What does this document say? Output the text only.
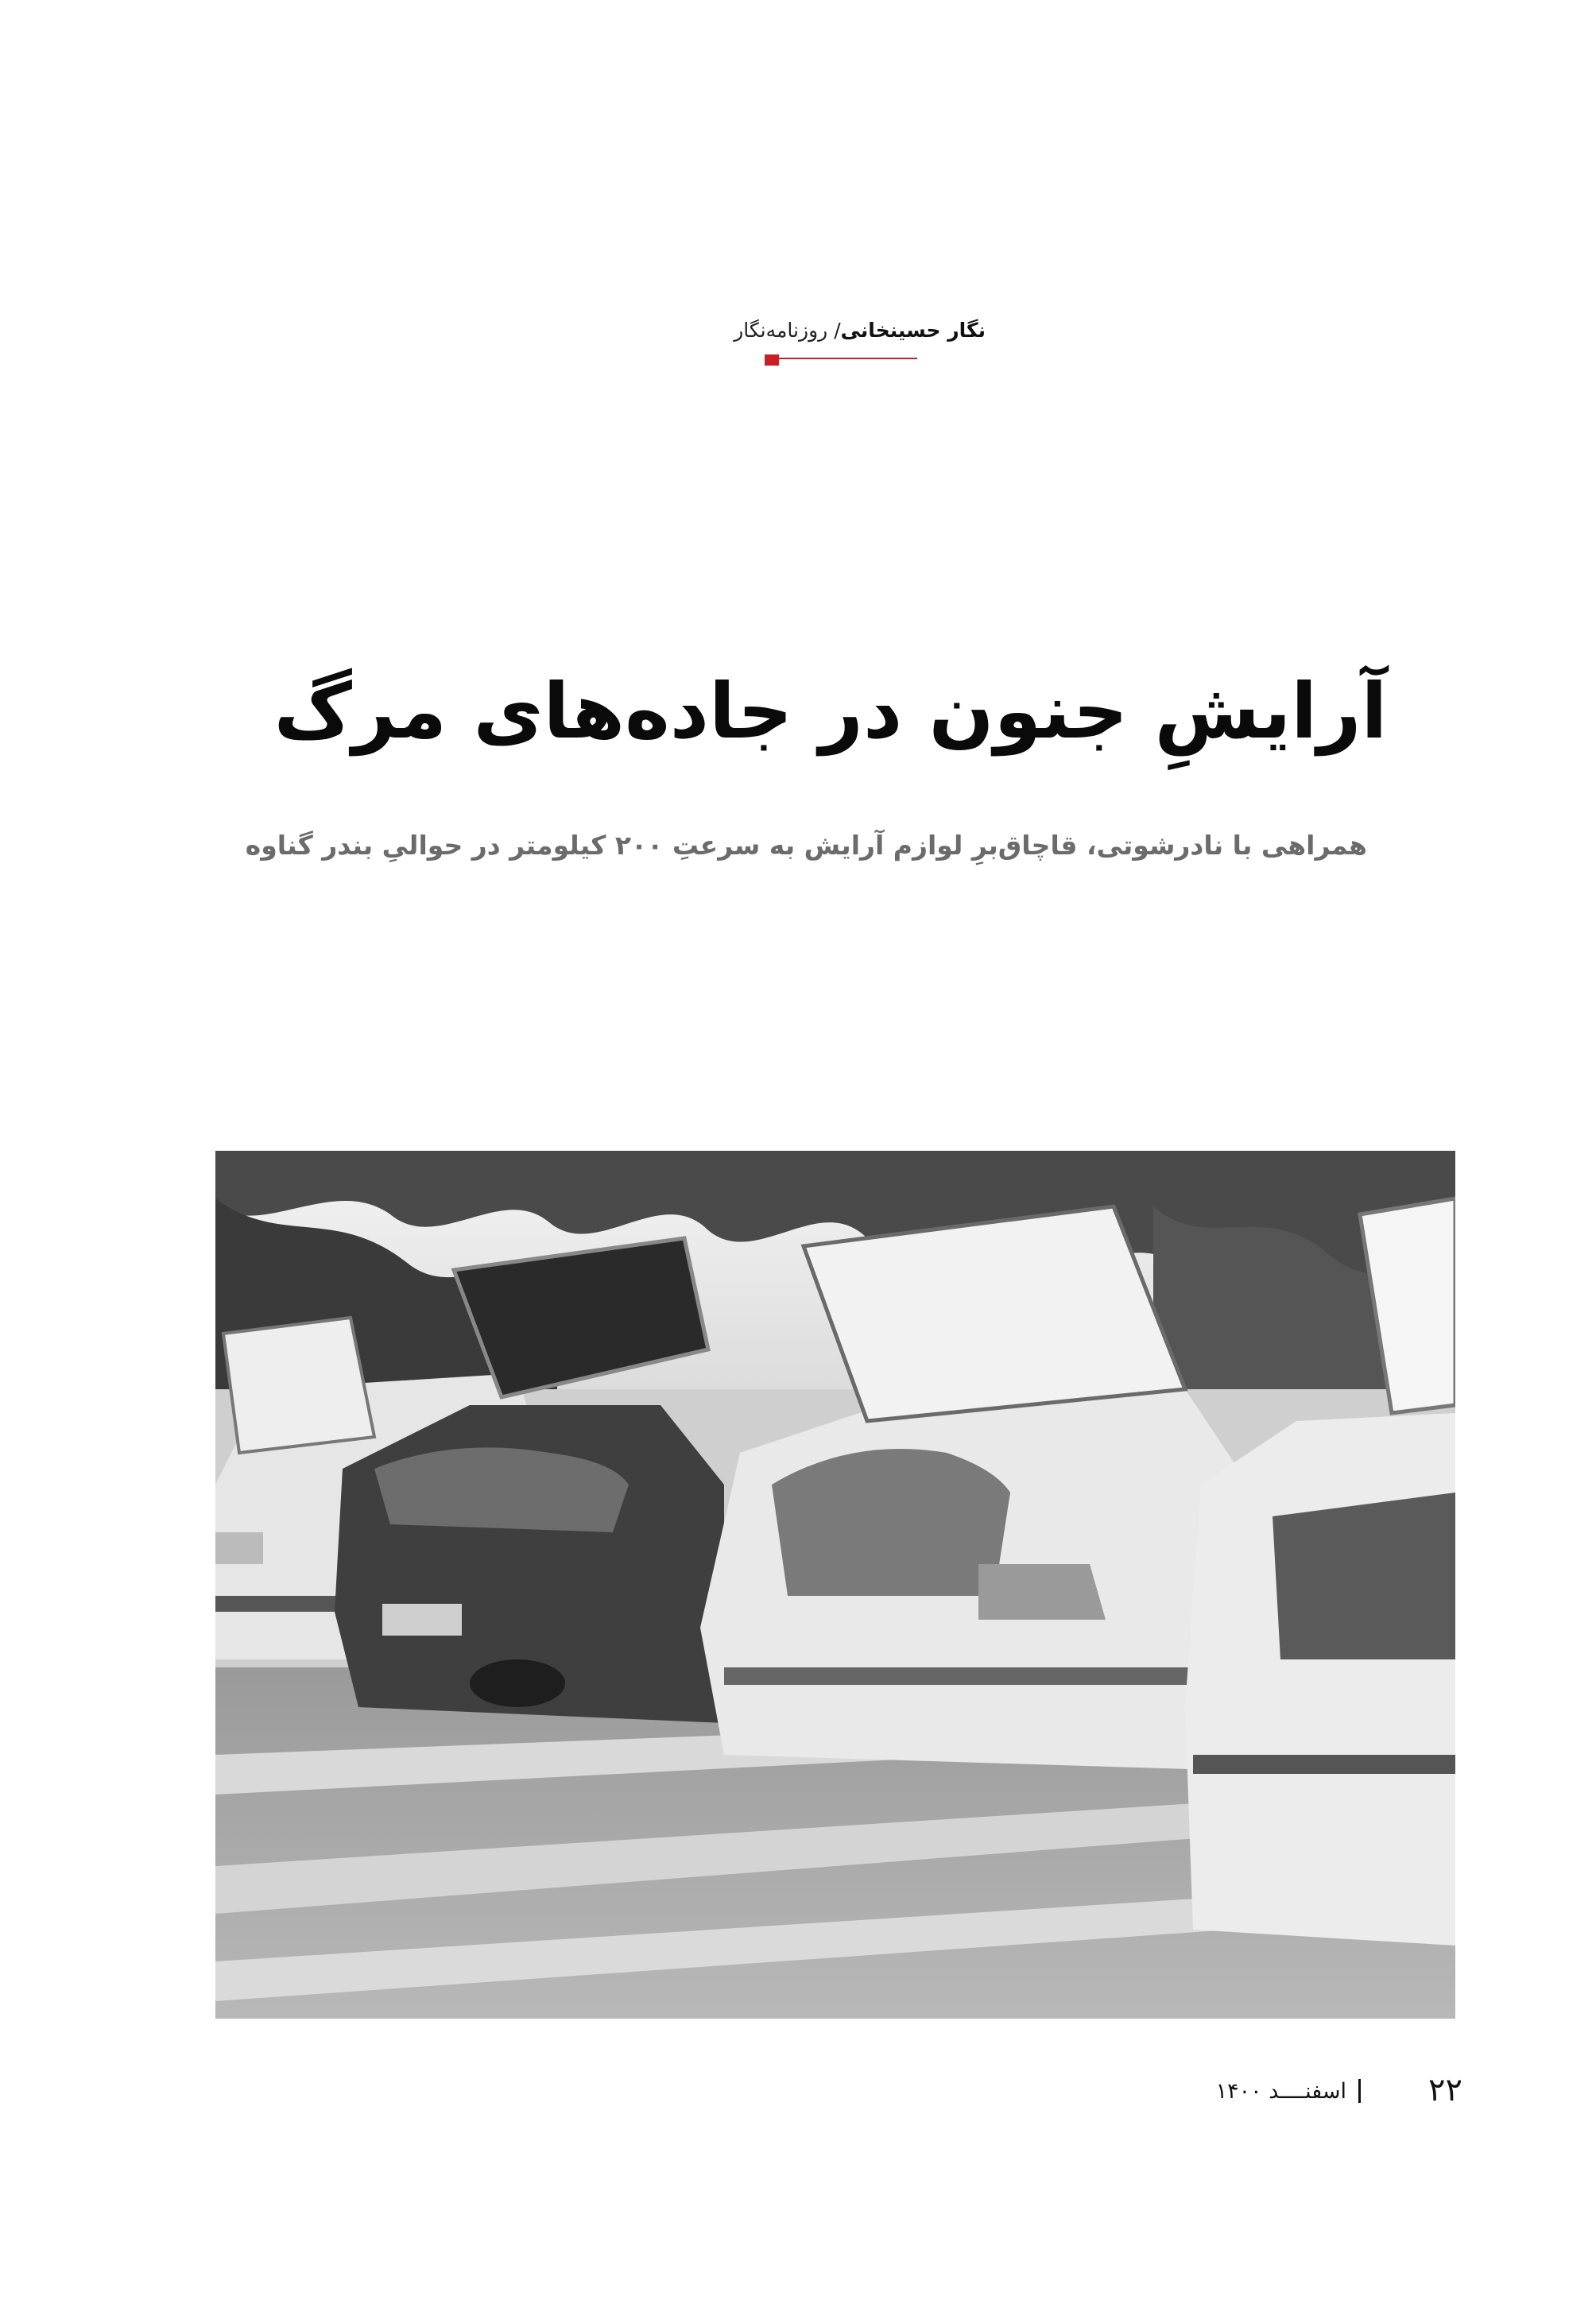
نگار حسینخانی/ روزنامه‌نگار
آرایشِ جنون در جاده‌های مرگ
همراهی با نادرشوتی، قاچاق‌برِ لوازم آرایش به سرعتِ ۲۰۰ کیلومتر در حوالیِ بندر گناوه
۲۲
اسفنــــد ۱۴۰۰
